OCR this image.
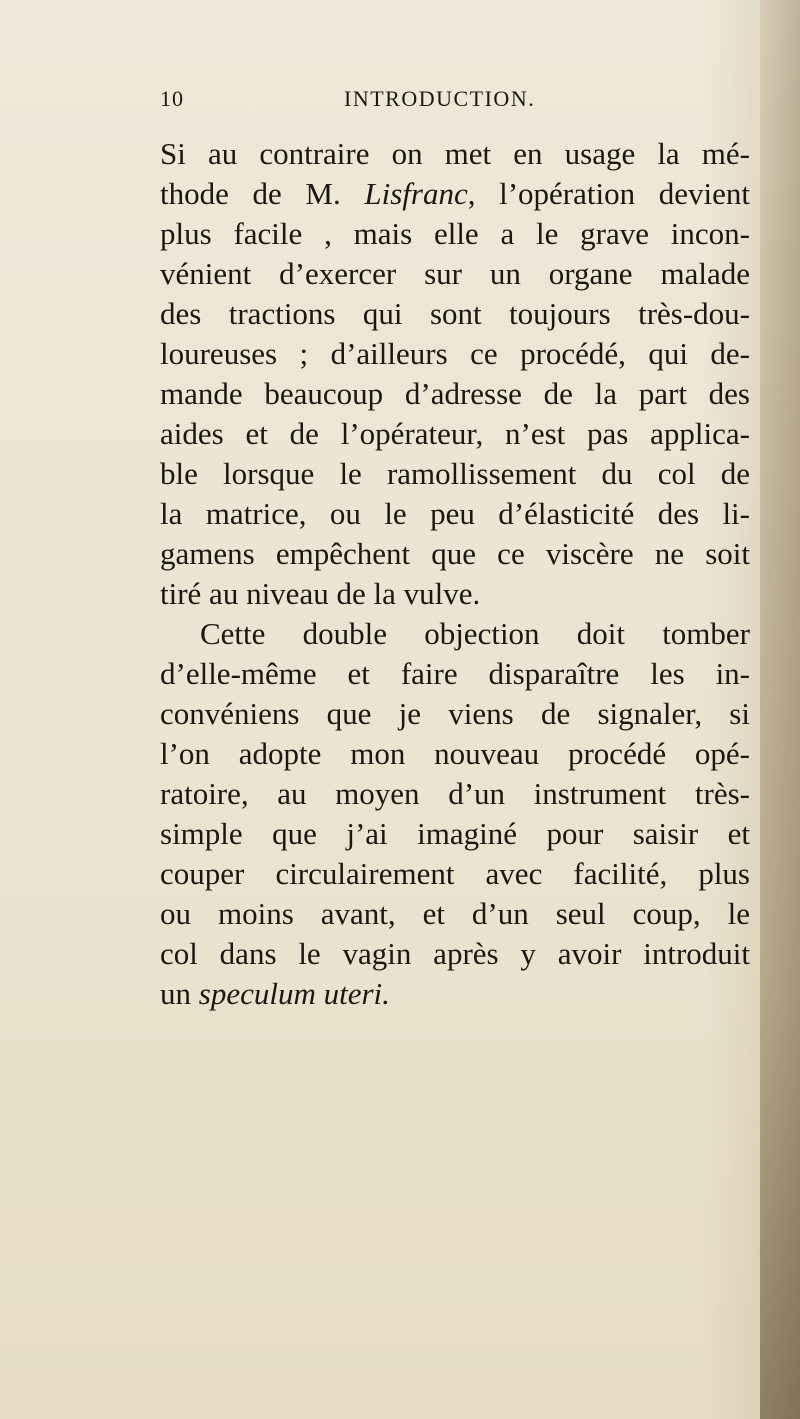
10	INTRODUCTION.
Si au contraire on met en usage la mé-
thode de M. Lisfranc, l’opération devient
plus facile , mais elle a le grave incon-
vénient d’exercer sur un organe malade
des tractions qui sont toujours très-dou-
loureuses ; d’ailleurs ce procédé, qui de-
mande beaucoup d’adresse de la part des
aides et de l’opérateur, n’est pas applica-
ble lorsque le ramollissement du col de
la matrice, ou le peu d’élasticité des li-
gamens empêchent que ce viscère ne soit
tiré au niveau de la vulve.
Cette double objection doit tomber
d’elle-même et faire disparaître les in-
convéniens que je viens de signaler, si
l’on adopte mon nouveau procédé opé-
ratoire, au moyen d’un instrument très-
simple que j’ai imaginé pour saisir et
couper circulairement avec facilité, plus
ou moins avant, et d’un seul coup, le
col dans le vagin après y avoir introduit
un speculum uteri.
